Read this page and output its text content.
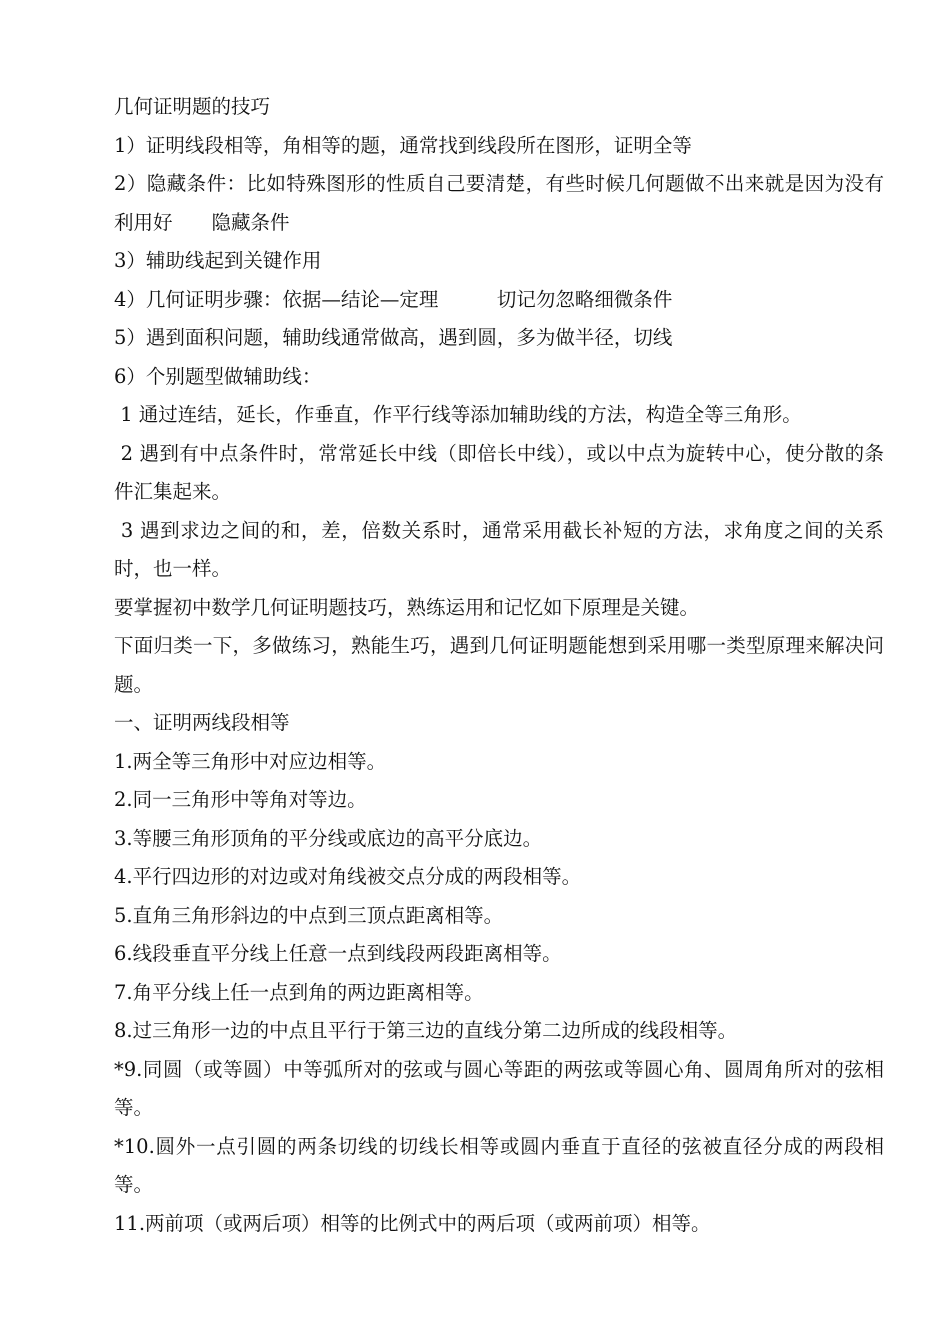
几何证明题的技巧

1）证明线段相等，角相等的题，通常找到线段所在图形，证明全等

2）隐藏条件：比如特殊图形的性质自己要清楚，有些时候几何题做不出来就是因为没有利用好　　隐藏条件

3）辅助线起到关键作用

4）几何证明步骤：依据—结论—定理　　　切记勿忽略细微条件

5）遇到面积问题，辅助线通常做高，遇到圆，多为做半径，切线

6）个别题型做辅助线：

1 通过连结，延长，作垂直，作平行线等添加辅助线的方法，构造全等三角形。

2 遇到有中点条件时，常常延长中线（即倍长中线），或以中点为旋转中心，使分散的条件汇集起来。

3 遇到求边之间的和，差，倍数关系时，通常采用截长补短的方法，求角度之间的关系时，也一样。

要掌握初中数学几何证明题技巧，熟练运用和记忆如下原理是关键。

下面归类一下，多做练习，熟能生巧，遇到几何证明题能想到采用哪一类型原理来解决问题。

一、证明两线段相等

1.两全等三角形中对应边相等。

2.同一三角形中等角对等边。

3.等腰三角形顶角的平分线或底边的高平分底边。

4.平行四边形的对边或对角线被交点分成的两段相等。

5.直角三角形斜边的中点到三顶点距离相等。

6.线段垂直平分线上任意一点到线段两段距离相等。

7.角平分线上任一点到角的两边距离相等。

8.过三角形一边的中点且平行于第三边的直线分第二边所成的线段相等。

*9.同圆（或等圆）中等弧所对的弦或与圆心等距的两弦或等圆心角、圆周角所对的弦相等。

*10.圆外一点引圆的两条切线的切线长相等或圆内垂直于直径的弦被直径分成的两段相等。

11.两前项（或两后项）相等的比例式中的两后项（或两前项）相等。
